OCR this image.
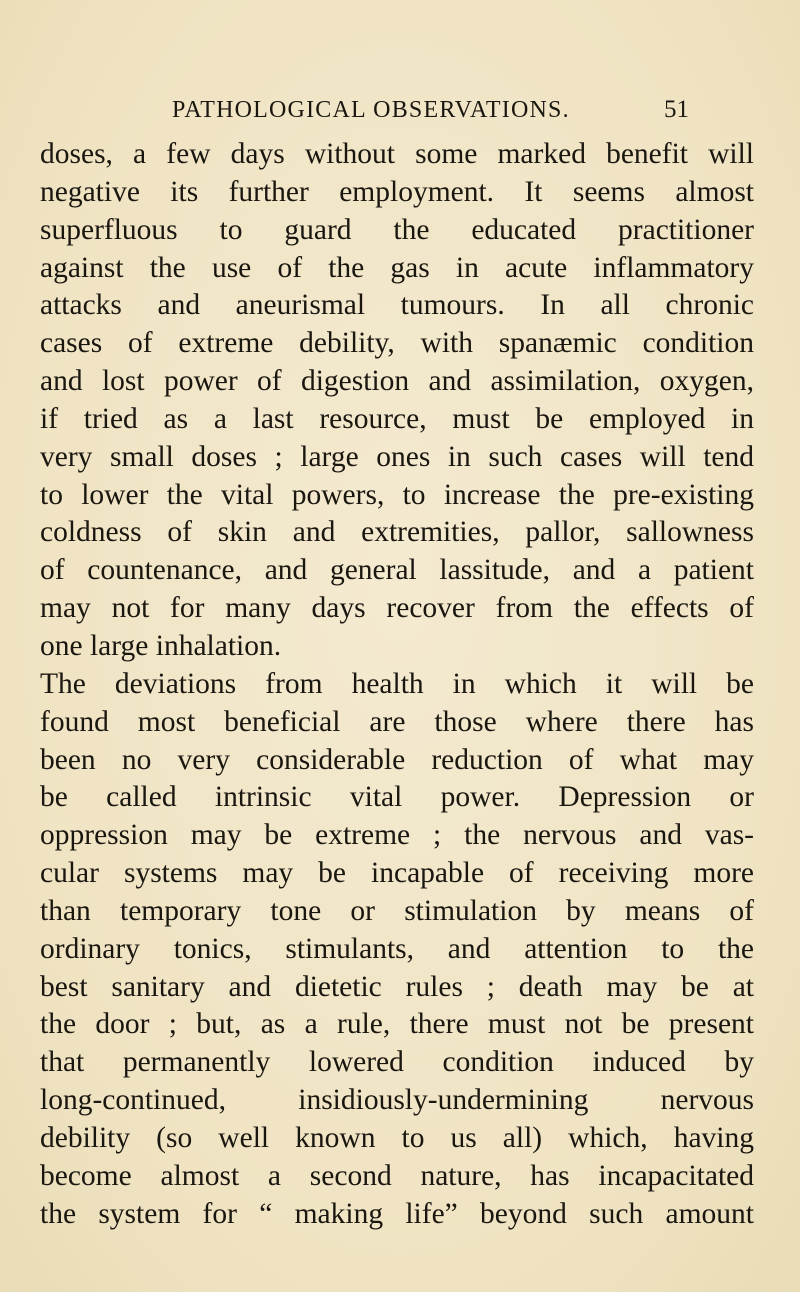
PATHOLOGICAL OBSERVATIONS.	51
doses, a few days without some marked benefit will
negative its further employment. It seems almost
superfluous to guard the educated practitioner
against the use of the gas in acute inflammatory
attacks and aneurismal tumours. In all chronic
cases of extreme debility, with spanæmic condition
and lost power of digestion and assimilation, oxygen,
if tried as a last resource, must be employed in
very small doses ; large ones in such cases will tend
to lower the vital powers, to increase the pre-existing
coldness of skin and extremities, pallor, sallowness
of countenance, and general lassitude, and a patient
may not for many days recover from the effects of
one large inhalation.
The deviations from health in which it will be
found most beneficial are those where there has
been no very considerable reduction of what may
be called intrinsic vital power. Depression or
oppression may be extreme ; the nervous and vas-
cular systems may be incapable of receiving more
than temporary tone or stimulation by means of
ordinary tonics, stimulants, and attention to the
best sanitary and dietetic rules ; death may be at
the door ; but, as a rule, there must not be present
that permanently lowered condition induced by
long-continued, insidiously-undermining nervous
debility (so well known to us all) which, having
become almost a second nature, has incapacitated
the system for “ making life” beyond such amount
